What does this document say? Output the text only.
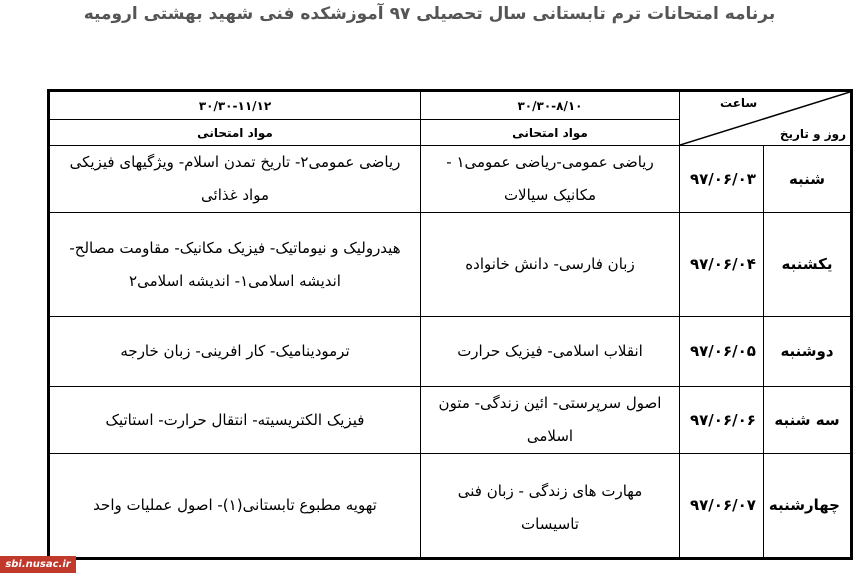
برنامه امتحانات ترم تابستانی سال تحصیلی ۹۷ آموزشکده فنی شهید بهشتی ارومیه
ساعت
روز و تاریخ		۳۰/۳۰-۸/۱۰	۳۰/۳۰-۱۱/۱۲
		مواد امتحانی	مواد امتحانی
شنبه	۹۷/۰۶/۰۳	ریاضی عمومی-ریاضی عمومی۱ - مکانیک سیالات	ریاضی عمومی۲- تاریخ تمدن اسلام- ویژگیهای فیزیکی مواد غذائی
یکشنبه	۹۷/۰۶/۰۴	زبان فارسی- دانش خانواده	هیدرولیک و نیوماتیک- فیزیک مکانیک- مقاومت مصالح- اندیشه اسلامی۱- اندیشه اسلامی۲
دوشنبه	۹۷/۰۶/۰۵	انقلاب اسلامی- فیزیک حرارت	ترمودینامیک- کار افرینی- زبان خارجه
سه شنبه	۹۷/۰۶/۰۶	اصول سرپرستی- ائین زندگی- متون اسلامی	فیزیک الکتریسیته- انتقال حرارت- استاتیک
چهارشنبه	۹۷/۰۶/۰۷	مهارت های زندگی - زبان فنی تاسیسات	تهویه مطبوع تابستانی(۱)- اصول عملیات واحد
sbi.nusac.ir
